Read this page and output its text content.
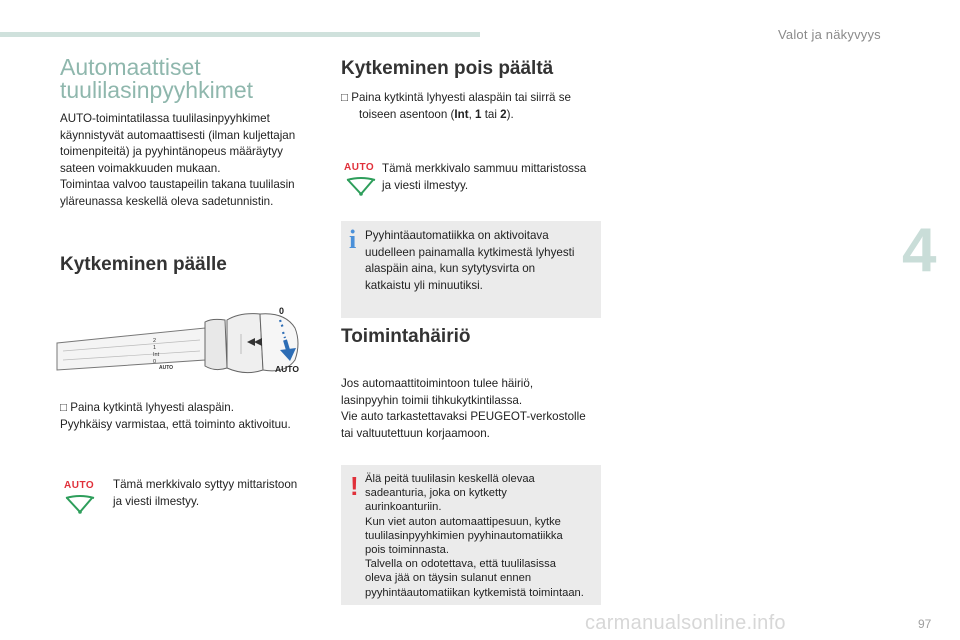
Valot ja näkyvyys
4
97
carmanualsonline.info
Automaattiset
tuulilasinpyyhkimet
AUTO-toimintatilassa tuulilasinpyyhkimet
käynnistyvät automaattisesti (ilman kuljettajan
toimenpiteitä) ja pyyhintänopeus määräytyy
sateen voimakkuuden mukaan.
Toimintaa valvoo taustapeilin takana tuulilasin
yläreunassa keskellä oleva sadetunnistin.
Kytkeminen päälle
2
1
Int
0
AUTO
0
AUTO
□ Paina kytkintä lyhyesti alaspäin.
Pyyhkäisy varmistaa, että toiminto aktivoituu.
AUTO Tämä merkkivalo syttyy mittaristoon
ja viesti ilmestyy.
Kytkeminen pois päältä
□ Paina kytkintä lyhyesti alaspäin tai siirrä se
toiseen asentoon (Int, 1 tai 2).
AUTO Tämä merkkivalo sammuu mittaristossa
ja viesti ilmestyy.
i Pyyhintäautomatiikka on aktivoitava
uudelleen painamalla kytkimestä lyhyesti
alaspäin aina, kun sytytysvirta on
katkaistu yli minuutiksi.
Toimintahäiriö
Jos automaattitoimintoon tulee häiriö,
lasinpyyhin toimii tihkukytkintilassa.
Vie auto tarkastettavaksi PEUGEOT-verkostolle
tai valtuutettuun korjaamoon.
! Älä peitä tuulilasin keskellä olevaa
sadeanturia, joka on kytketty
aurinkoanturiin.
Kun viet auton automaattipesuun, kytke
tuulilasinpyyhkimien pyyhinautomatiikka
pois toiminnasta.
Talvella on odotettava, että tuulilasissa
oleva jää on täysin sulanut ennen
pyyhintäautomatiikan kytkemistä toimintaan.
